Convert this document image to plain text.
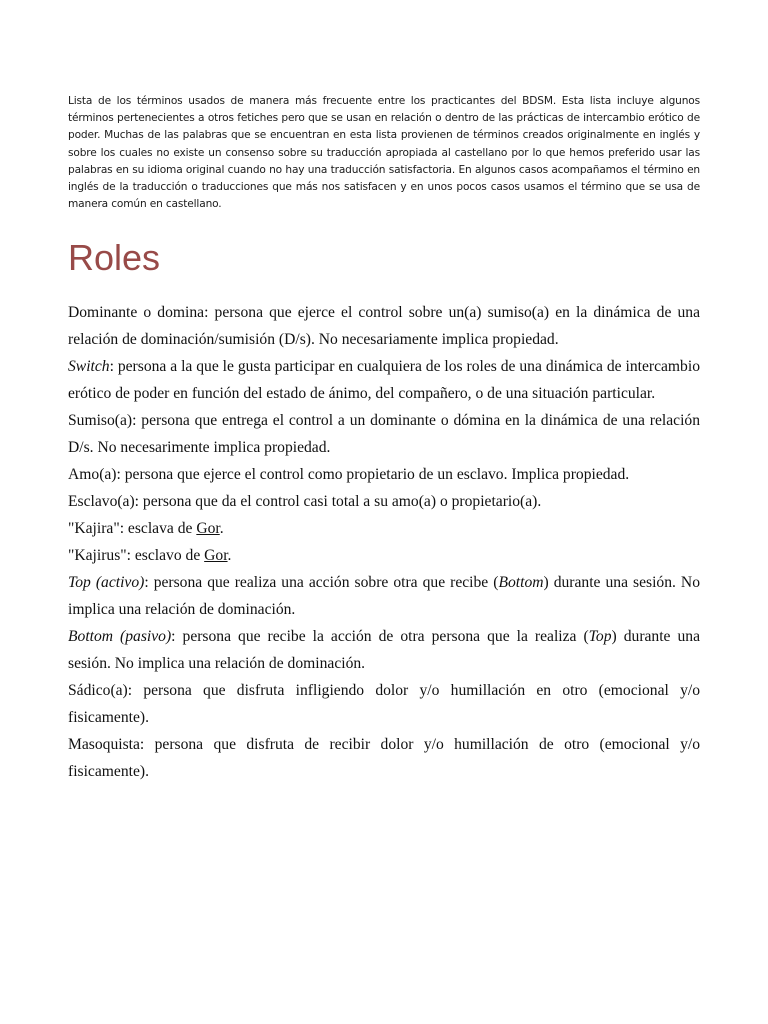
Lista de los términos usados de manera más frecuente entre los practicantes del BDSM. Esta lista incluye algunos términos pertenecientes a otros fetiches pero que se usan en relación o dentro de las prácticas de intercambio erótico de poder. Muchas de las palabras que se encuentran en esta lista provienen de términos creados originalmente en inglés y sobre los cuales no existe un consenso sobre su traducción apropiada al castellano por lo que hemos preferido usar las palabras en su idioma original cuando no hay una traducción satisfactoria. En algunos casos acompañamos el término en inglés de la traducción o traducciones que más nos satisfacen y en unos pocos casos usamos el término que se usa de manera común en castellano.

Roles

Dominante o domina: persona que ejerce el control sobre un(a) sumiso(a) en la dinámica de una relación de dominación/sumisión (D/s). No necesariamente implica propiedad.

Switch: persona a la que le gusta participar en cualquiera de los roles de una dinámica de intercambio erótico de poder en función del estado de ánimo, del compañero, o de una situación particular.

Sumiso(a): persona que entrega el control a un dominante o dómina en la dinámica de una relación D/s. No necesarimente implica propiedad.

Amo(a): persona que ejerce el control como propietario de un esclavo. Implica propiedad.

Esclavo(a): persona que da el control casi total a su amo(a) o propietario(a).

"Kajira": esclava de Gor.

"Kajirus": esclavo de Gor.

Top (activo): persona que realiza una acción sobre otra que recibe (Bottom) durante una sesión. No implica una relación de dominación.

Bottom (pasivo): persona que recibe la acción de otra persona que la realiza (Top) durante una sesión. No implica una relación de dominación.

Sádico(a): persona que disfruta infligiendo dolor y/o humillación en otro (emocional y/o fisicamente).

Masoquista: persona que disfruta de recibir dolor y/o humillación de otro (emocional y/o fisicamente).
